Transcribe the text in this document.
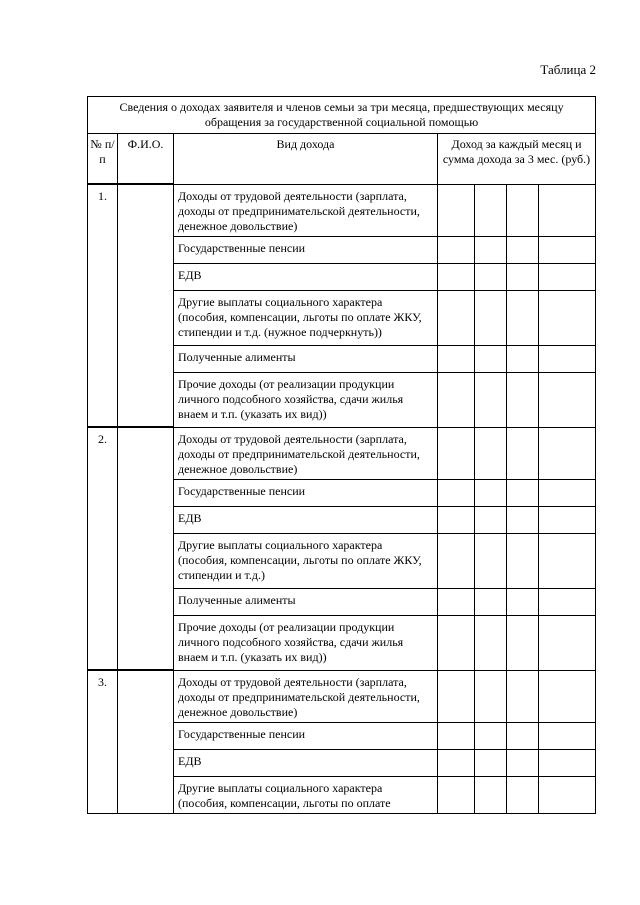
Таблица 2
Сведения о доходах заявителя и членов семьи за три месяца, предшествующих месяцу обращения за государственной социальной помощью						
№ п/п	Ф.И.О.	Вид дохода	Доход за каждый месяц и сумма дохода за 3 мес. (руб.)			
1.		Доходы от трудовой деятельности (зарплата, доходы от предпринимательской деятельности, денежное довольствие)				
		Государственные пенсии				
		ЕДВ				
		Другие выплаты социального характера (пособия, компенсации, льготы по оплате ЖКУ, стипендии и т.д. (нужное подчеркнуть))				
		Полученные алименты				
		Прочие доходы (от реализации продукции личного подсобного хозяйства, сдачи жилья внаем и т.п. (указать их вид))				
2.		Доходы от трудовой деятельности (зарплата, доходы от предпринимательской деятельности, денежное довольствие)				
		Государственные пенсии				
		ЕДВ				
		Другие выплаты социального характера (пособия, компенсации, льготы по оплате ЖКУ, стипендии и т.д.)				
		Полученные алименты				
		Прочие доходы (от реализации продукции личного подсобного хозяйства, сдачи жилья внаем и т.п. (указать их вид))				
3.		Доходы от трудовой деятельности (зарплата, доходы от предпринимательской деятельности, денежное довольствие)				
		Государственные пенсии				
		ЕДВ				
		Другие выплаты социального характера (пособия, компенсации, льготы по оплате				
